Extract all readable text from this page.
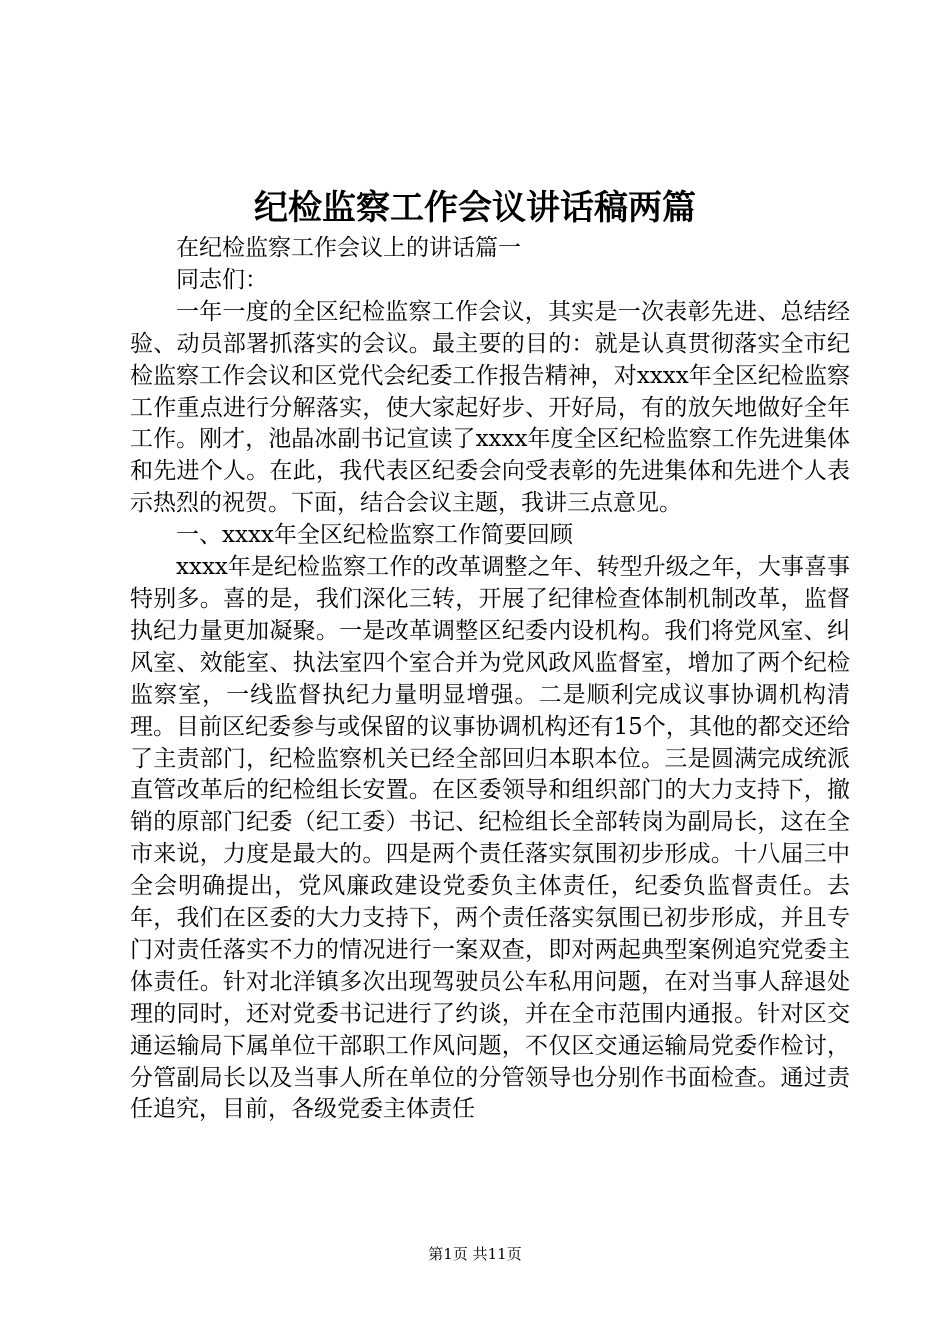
纪检监察工作会议讲话稿两篇

在纪检监察工作会议上的讲话篇一

同志们：

一年一度的全区纪检监察工作会议，其实是一次表彰先进、总结经验、动员部署抓落实的会议。最主要的目的：就是认真贯彻落实全市纪检监察工作会议和区党代会纪委工作报告精神，对xxxx年全区纪检监察工作重点进行分解落实，使大家起好步、开好局，有的放矢地做好全年工作。刚才，池晶冰副书记宣读了xxxx年度全区纪检监察工作先进集体和先进个人。在此，我代表区纪委会向受表彰的先进集体和先进个人表示热烈的祝贺。下面，结合会议主题，我讲三点意见。

一、xxxx年全区纪检监察工作简要回顾

xxxx年是纪检监察工作的改革调整之年、转型升级之年，大事喜事特别多。喜的是，我们深化三转，开展了纪律检查体制机制改革，监督执纪力量更加凝聚。一是改革调整区纪委内设机构。我们将党风室、纠风室、效能室、执法室四个室合并为党风政风监督室，增加了两个纪检监察室，一线监督执纪力量明显增强。二是顺利完成议事协调机构清理。目前区纪委参与或保留的议事协调机构还有15个，其他的都交还给了主责部门，纪检监察机关已经全部回归本职本位。三是圆满完成统派直管改革后的纪检组长安置。在区委领导和组织部门的大力支持下，撤销的原部门纪委（纪工委）书记、纪检组长全部转岗为副局长，这在全市来说，力度是最大的。四是两个责任落实氛围初步形成。十八届三中全会明确提出，党风廉政建设党委负主体责任，纪委负监督责任。去年，我们在区委的大力支持下，两个责任落实氛围已初步形成，并且专门对责任落实不力的情况进行一案双查，即对两起典型案例追究党委主体责任。针对北洋镇多次出现驾驶员公车私用问题，在对当事人辞退处理的同时，还对党委书记进行了约谈，并在全市范围内通报。针对区交通运输局下属单位干部职工作风问题，不仅区交通运输局党委作检讨，分管副局长以及当事人所在单位的分管领导也分别作书面检查。通过责任追究，目前，各级党委主体责任

第1页 共11页
